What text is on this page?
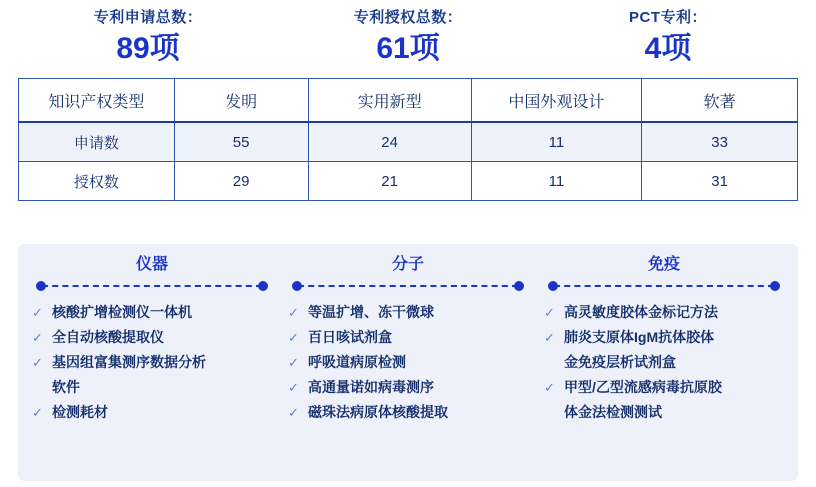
专利申请总数：
89项
专利授权总数：
61项
PCT专利：
4项
知识产权类型	发明	实用新型	中国外观设计	软著
申请数	55	24	11	33
授权数	29	21	11	31
仪器
✓ 核酸扩增检测仪一体机
✓ 全自动核酸提取仪
✓ 基因组富集测序数据分析
软件
✓ 检测耗材
分子
✓ 等温扩增、冻干微球
✓ 百日咳试剂盒
✓ 呼吸道病原检测
✓ 高通量诺如病毒测序
✓ 磁珠法病原体核酸提取
免疫
✓ 高灵敏度胶体金标记方法
✓ 肺炎支原体IgM抗体胶体
金免疫层析试剂盒
✓ 甲型/乙型流感病毒抗原胶
体金法检测测试
